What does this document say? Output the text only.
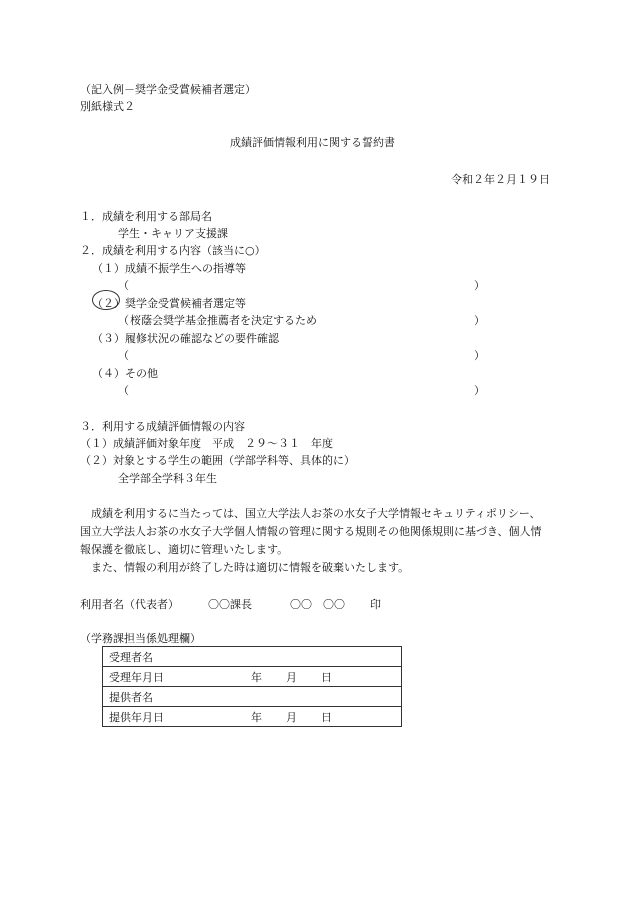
（記入例－奨学金受賞候補者選定）
別紙様式２
成績評価情報利用に関する誓約書
令和２年２月１９日
１．成績を利用する部局名
学生・キャリア支援課
２．成績を利用する内容（該当に○）
（１）成績不振学生への指導等
（	）
（２）奨学金受賞候補者選定等
（ 桜蔭会奨学基金推薦者を決定するため	）
（３）履修状況の確認などの要件確認
（	）
（４）その他
（	）
３．利用する成績評価情報の内容
（１）成績評価対象年度　平成　２９～３１　年度
（２）対象とする学生の範囲（学部学科等、具体的に）
全学部全学科３年生

成績を利用するに当たっては、国立大学法人お茶の水女子大学情報セキュリティポリシー、国立大学法人お茶の水女子大学個人情報の管理に関する規則その他関係規則に基づき、個人情報保護を徹底し、適切に管理いたします。

また、情報の利用が終了した時は適切に情報を破棄いたします。

利用者名（代表者）	〇〇課長	〇〇　〇〇 印
（学務課担当係処理欄）
受理者名
受理年月日	年 月 日
提供者名
提供年月日	年 月 日
